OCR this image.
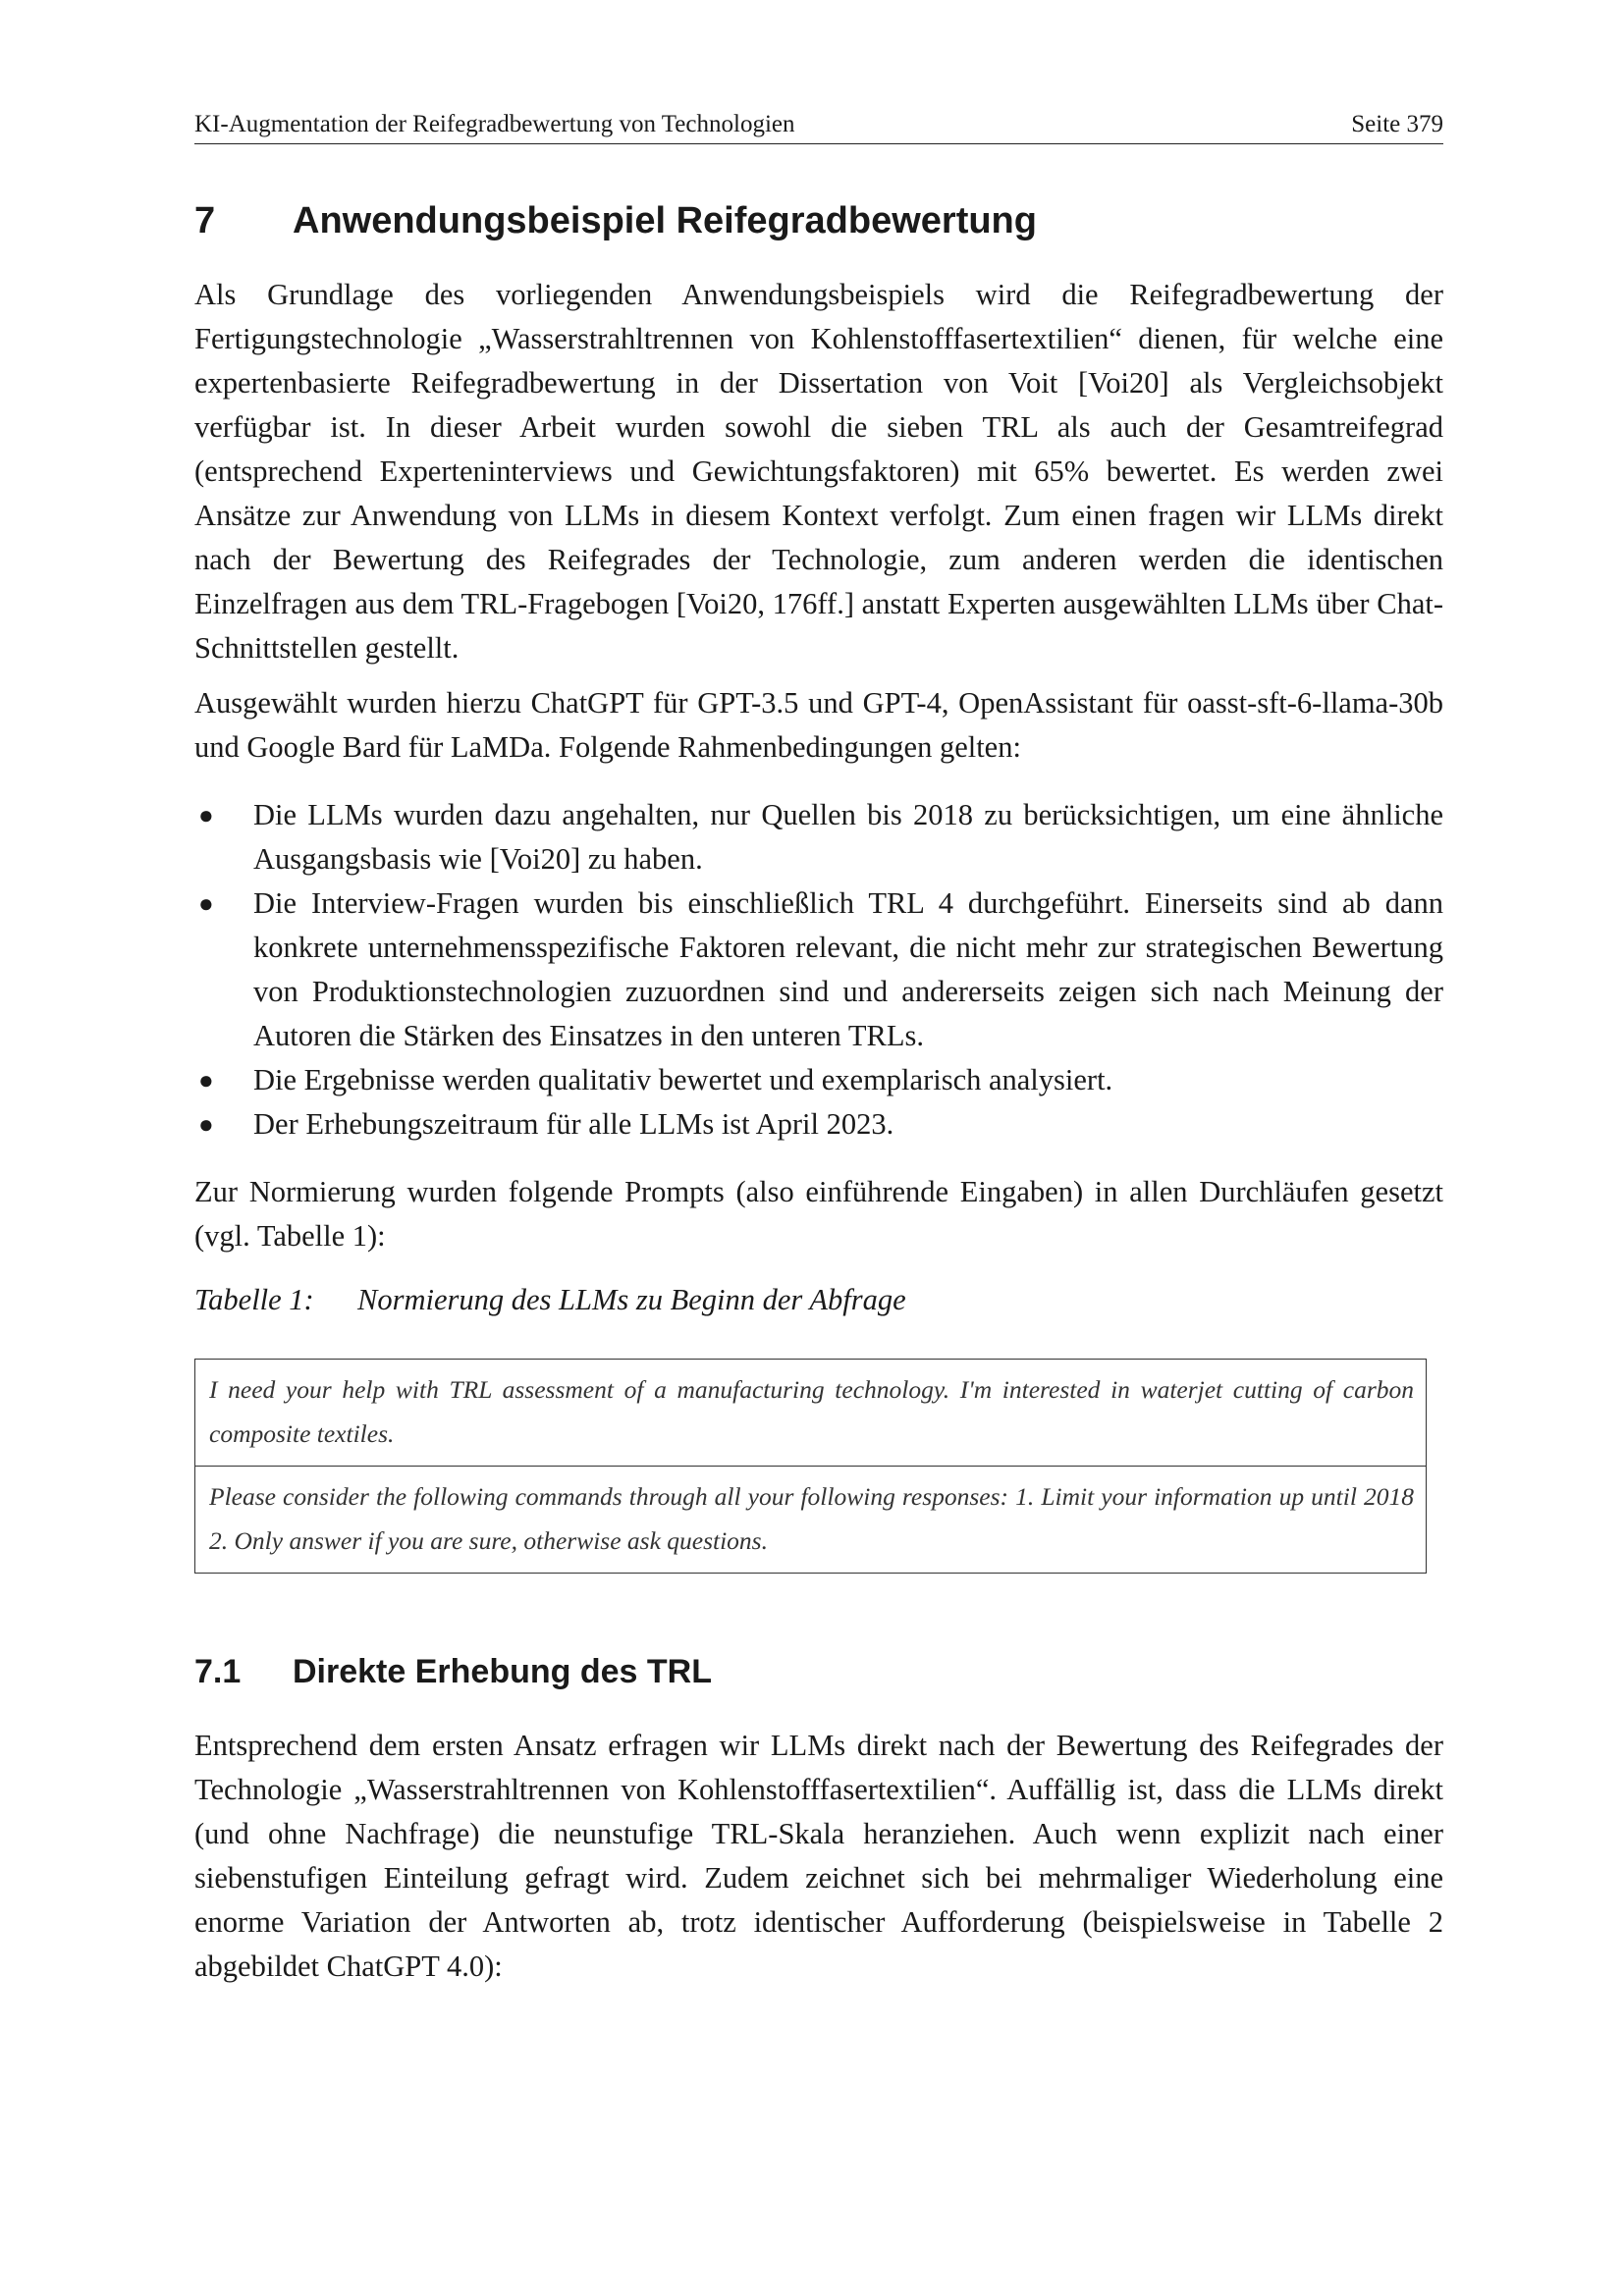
KI-Augmentation der Reifegradbewertung von Technologien	Seite 379
7 Anwendungsbeispiel Reifegradbewertung

Als Grundlage des vorliegenden Anwendungsbeispiels wird die Reifegradbewertung der Fertigungstechnologie „Wasserstrahltrennen von Kohlenstofffasertextilien“ dienen, für welche eine expertenbasierte Reifegradbewertung in der Dissertation von Voit [Voi20] als Vergleichsobjekt verfügbar ist. In dieser Arbeit wurden sowohl die sieben TRL als auch der Gesamtreifegrad (entsprechend Experteninterviews und Gewichtungsfaktoren) mit 65% bewertet. Es werden zwei Ansätze zur Anwendung von LLMs in diesem Kontext verfolgt. Zum einen fragen wir LLMs direkt nach der Bewertung des Reifegrades der Technologie, zum anderen werden die identischen Einzelfragen aus dem TRL-Fragebogen [Voi20, 176ff.] anstatt Experten ausgewählten LLMs über Chat-Schnittstellen gestellt.

Ausgewählt wurden hierzu ChatGPT für GPT-3.5 und GPT-4, OpenAssistant für oasst-sft-6-llama-30b und Google Bard für LaMDa. Folgende Rahmenbedingungen gelten:

● Die LLMs wurden dazu angehalten, nur Quellen bis 2018 zu berücksichtigen, um eine ähnliche Ausgangsbasis wie [Voi20] zu haben.
● Die Interview-Fragen wurden bis einschließlich TRL 4 durchgeführt. Einerseits sind ab dann konkrete unternehmensspezifische Faktoren relevant, die nicht mehr zur strategischen Bewertung von Produktionstechnologien zuzuordnen sind und andererseits zeigen sich nach Meinung der Autoren die Stärken des Einsatzes in den unteren TRLs.
● Die Ergebnisse werden qualitativ bewertet und exemplarisch analysiert.
● Der Erhebungszeitraum für alle LLMs ist April 2023.

Zur Normierung wurden folgende Prompts (also einführende Eingaben) in allen Durchläufen gesetzt (vgl. Tabelle 1):

Tabelle 1: Normierung des LLMs zu Beginn der Abfrage
I need your help with TRL assessment of a manufacturing technology. I'm interested in waterjet cutting of carbon composite textiles.
Please consider the following commands through all your following responses: 1. Limit your information up until 2018 2. Only answer if you are sure, otherwise ask questions.
7.1 Direkte Erhebung des TRL

Entsprechend dem ersten Ansatz erfragen wir LLMs direkt nach der Bewertung des Reifegrades der Technologie „Wasserstrahltrennen von Kohlenstofffasertextilien“. Auffällig ist, dass die LLMs direkt (und ohne Nachfrage) die neunstufige TRL-Skala heranziehen. Auch wenn explizit nach einer siebenstufigen Einteilung gefragt wird. Zudem zeichnet sich bei mehrmaliger Wiederholung eine enorme Variation der Antworten ab, trotz identischer Aufforderung (beispielsweise in Tabelle 2 abgebildet ChatGPT 4.0):
